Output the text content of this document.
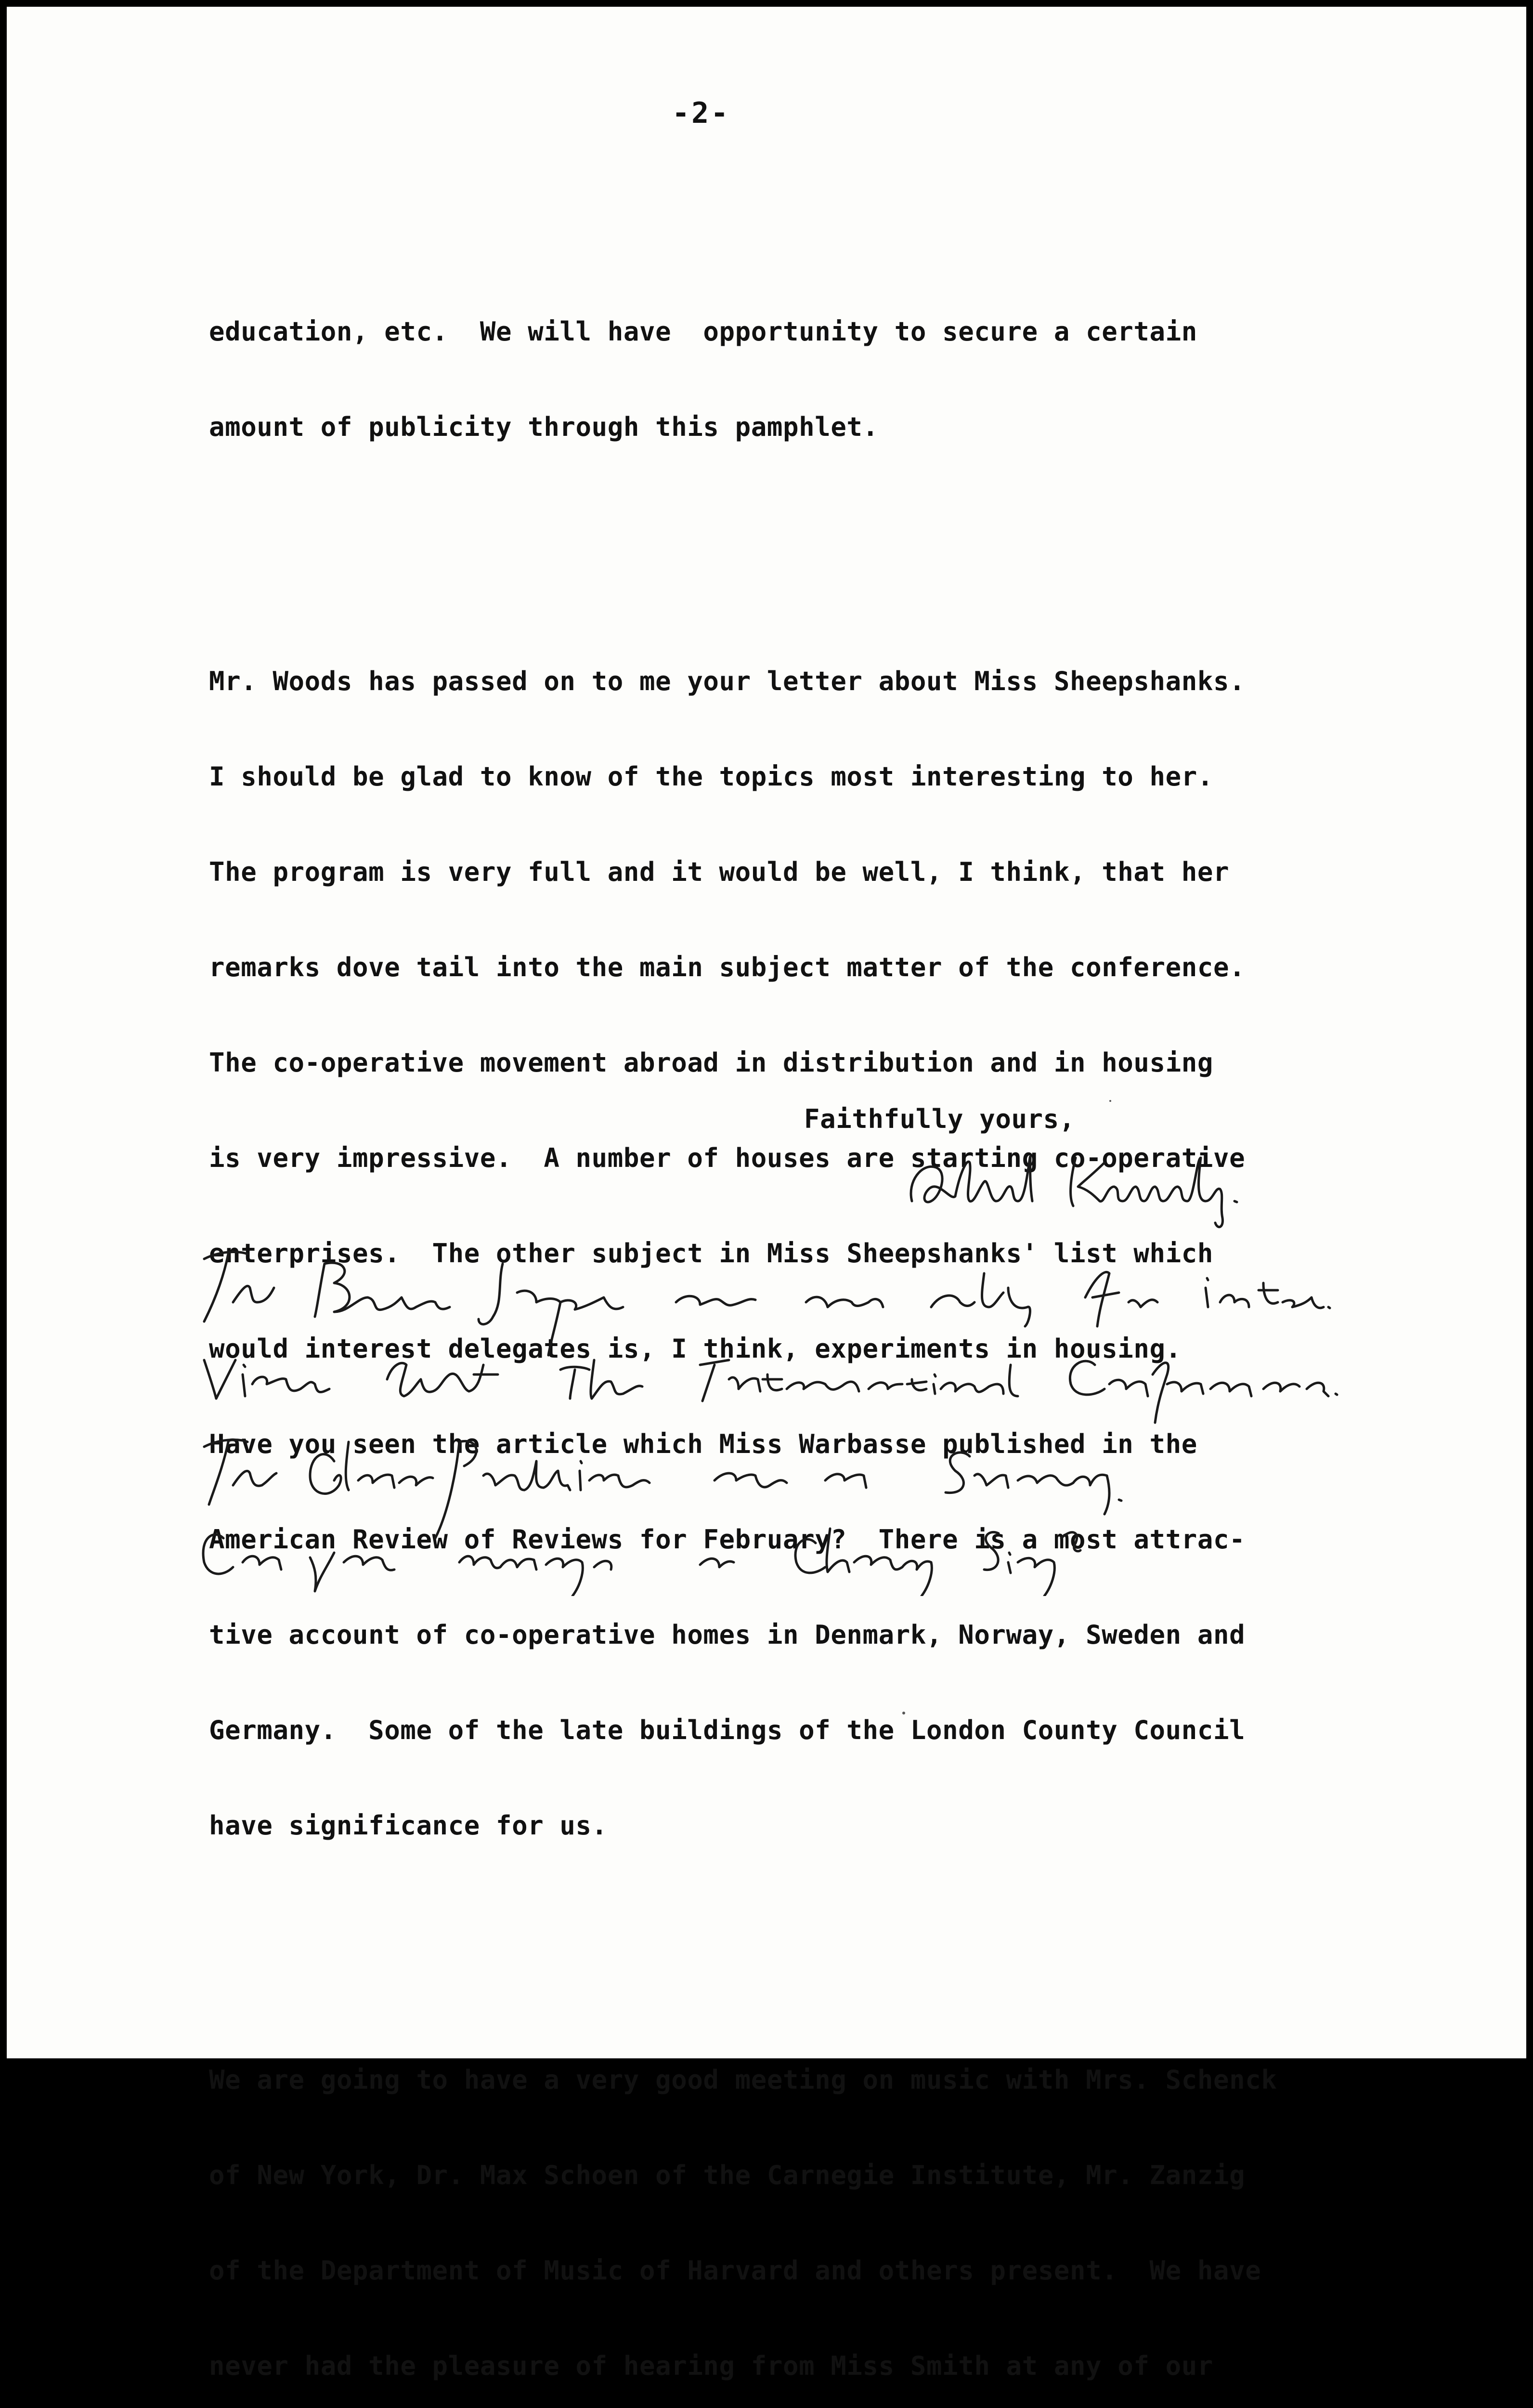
-2-

education, etc.  We will have  opportunity to secure a certain

amount of publicity through this pamphlet.

Mr. Woods has passed on to me your letter about Miss Sheepshanks.

I should be glad to know of the topics most interesting to her.

The program is very full and it would be well, I think, that her

remarks dove tail into the main subject matter of the conference.

The co-operative movement abroad in distribution and in housing

is very impressive.  A number of houses are starting co-operative

enterprises.  The other subject in Miss Sheepshanks' list which

would interest delegates is, I think, experiments in housing.

Have you seen the article which Miss Warbasse published in the

American Review of Reviews for February?  There is a most attrac-

tive account of co-operative homes in Denmark, Norway, Sweden and

Germany.  Some of the late buildings of the London County Council

have significance for us.

We are going to have a very good meeting on music with Mrs. Schenck

of New York, Dr. Max Schoen of the Carnegie Institute, Mr. Zanzig

of the Department of Music of Harvard and others present.  We have

never had the pleasure of hearing from Miss Smith at any of our

Faithfully yours,
